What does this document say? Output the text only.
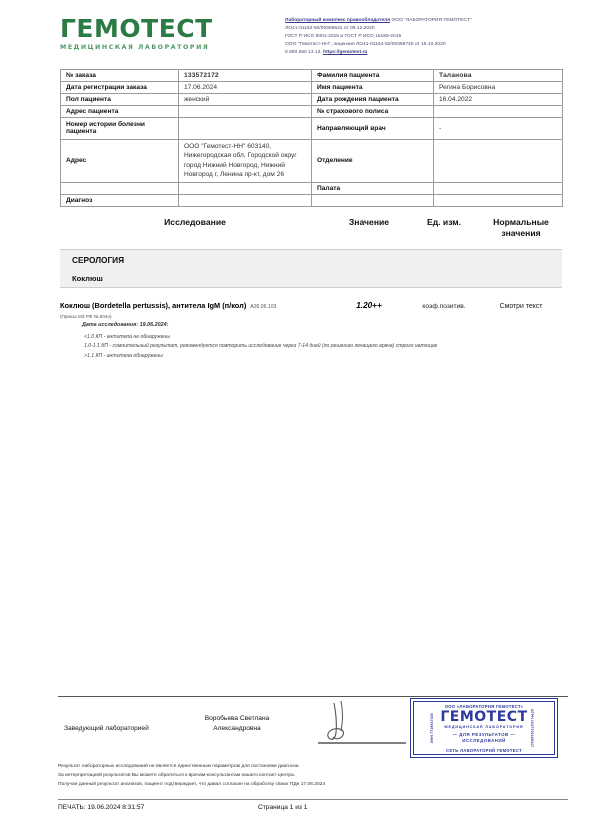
ГЕМОТЕСТ
МЕДИЦИНСКАЯ ЛАБОРАТОРИЯ
Лабораторный комплекс правообладателя ООО "ЛАБОРАТОРИЯ ГЕМОТЕСТ"
ЛО41-01162-50/00369631 от 09.12.2020
ГОСТ Р ИСО 9001-2015 и ГОСТ Р ИСО 15189-2015
ООО "Гемотест-НН", лицензия ЛО41-01164-52/00368740 от 19.10.2020
8 800 550 13 13. https://gemotest.ru
№ заказа	133572172	Фамилия пациента	Таланова
Дата регистрации заказа	17.06.2024	Имя пациента	Регина Борисовна
Пол пациента	женский	Дата рождения пациента	16.04.2022
Адрес пациента		№ страхового полиса	
Номер истории болезни пациента		Направляющий врач	-
Адрес	ООО "Гемотест-НН" 603140, Нижегородская обл, Городской округ город Нижний Новгород, Нижний Новгород г, Ленина пр-кт, дом 26	Отделение	
		Палата	
Диагноз			
Исследование	Значение	Ед. изм.	Нормальные
значения
СЕРОЛОГИЯ
Коклюш
Коклюш (Bordetella pertussis), антитела IgM (п/кол) A26.06.103	1.20++	коэф.позитив.	Смотри текст
(Приказ МЗ РФ № 804н)
Дата исследования: 19.06.2024:
<1.0 КП - антитела не обнаружены
1.0-1.1 КП - сомнительный результат, рекомендуется повторить исследование через 7-14 дней (по решению лечащего врача) строго натощак
>1.1 КП - антитела обнаружены
Заведующий лабораторией
Воробьева Светлана
Александровна	ИНН 7718947400	ОГРН 1027700466447
ООО «ЛАБОРАТОРИЯ ГЕМОТЕСТ»
ГЕМОТЕСТ
МЕДИЦИНСКАЯ ЛАБОРАТОРИЯ
— ДЛЯ РЕЗУЛЬТАТОВ —
ИССЛЕДОВАНИЙ
СЕТЬ ЛАБОРАТОРИЙ ГЕМОТЕСТ
Результат лабораторных исследований не является единственным параметром для постановки диагноза.
За интерпретацией результатов Вы можете обратиться к врачам-консультантам нашего контакт-центра.
Получая данный результат анализов, пациент подтверждает, что давал согласие на обработку своих ПДн 17.06.2024
ПЕЧАТЬ: 19.06.2024 8:31:57	Страница 1 из 1
